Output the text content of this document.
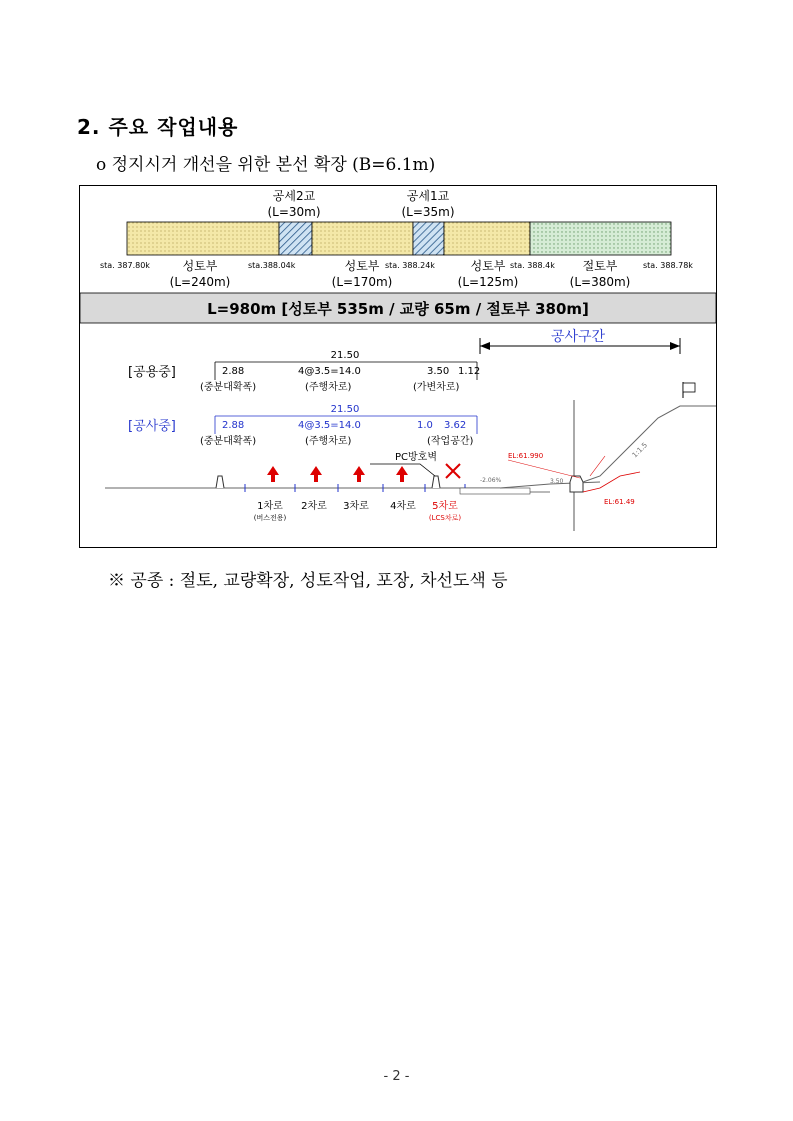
2. 주요 작업내용
o 정지시거 개선을 위한 본선 확장 (B=6.1m)
공세2교
(L=30m)
공세1교
(L=35m)
sta. 387.80k	sta.388.04k	sta. 388.24k	sta. 388.4k	sta. 388.78k
성토부
(L=240m)
성토부
(L=170m)
성토부
(L=125m)
절토부
(L=380m)
L=980m [성토부 535m / 교량 65m / 절토부 380m]
공사구간
[공용중]
21.50
2.88	4@3.5=14.0	3.50 1.12
(중분대확폭)	(주행차로)	(가변차로)
[공사중]
21.50
2.88	4@3.5=14.0	1.0 3.62
(중분대확폭)	(주행차로)	(작업공간)
PC방호벽
-2.06%	3.50
1:1.5
EL:61.990
EL:61.49
1차로 2차로 3차로 4차로 5차로
(버스전용)	(LCS차로)
※ 공종 : 절토, 교량확장, 성토작업, 포장, 차선도색 등
- 2 -
